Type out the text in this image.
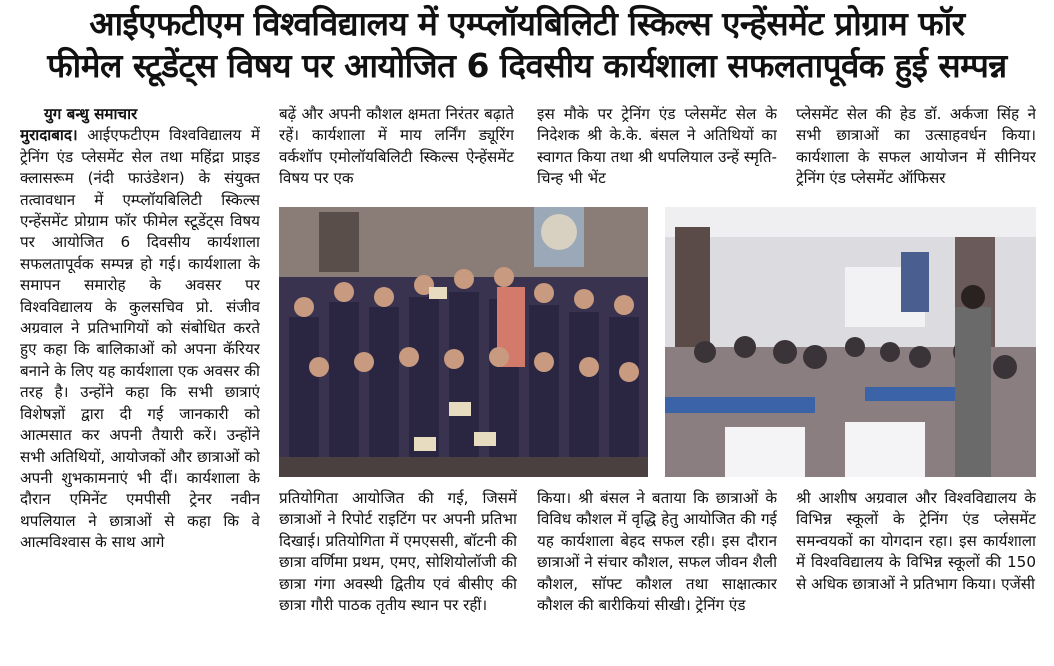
आईएफटीएम विश्वविद्यालय में एम्प्लॉयबिलिटी स्किल्स एन्हेंसमेंट प्रोग्राम फॉर
फीमेल स्टूडेंट्स विषय पर आयोजित 6 दिवसीय कार्यशाला सफलतापूर्वक हुई सम्पन्न

युग बन्धु समाचार

मुरादाबाद। आईएफटीएम विश्वविद्यालय में ट्रेनिंग एंड प्लेसमेंट सेल तथा महिंद्रा प्राइड क्लासरूम (नंदी फाउंडेशन) के संयुक्त तत्वावधान में एम्प्लॉयबिलिटी स्किल्स एन्हेंसमेंट प्रोग्राम फॉर फीमेल स्टूडेंट्स विषय पर आयोजित 6 दिवसीय कार्यशाला सफलतापूर्वक सम्पन्न हो गई। कार्यशाला के समापन समारोह के अवसर पर विश्वविद्यालय के कुलसचिव प्रो. संजीव अग्रवाल ने प्रतिभागियों को संबोधित करते हुए कहा कि बालिकाओं को अपना कॅरियर बनाने के लिए यह कार्यशाला एक अवसर की तरह है। उन्होंने कहा कि सभी छात्राएं विशेषज्ञों द्वारा दी गई जानकारी को आत्मसात कर अपनी तैयारी करें। उन्होंने सभी अतिथियों, आयोजकों और छात्राओं को अपनी शुभकामनाएं भी दीं। कार्यशाला के दौरान एमिनेंट एमपीसी ट्रेनर नवीन थपलियाल ने छात्राओं से कहा कि वे आत्मविश्वास के साथ आगे

बढ़ें और अपनी कौशल क्षमता निरंतर बढ़ाते रहें। कार्यशाला में माय लर्निंग ड्यूरिंग वर्कशॉप एमोलॉयबिलिटी स्किल्स ऐन्हेंसमेंट विषय पर एक

इस मौके पर ट्रेनिंग एंड प्लेसमेंट सेल के निदेशक श्री के.के. बंसल ने अतिथियों का स्वागत किया तथा श्री थपलियाल उन्हें स्मृति-चिन्ह भी भेंट

प्लेसमेंट सेल की हेड डॉ. अर्कजा सिंह ने सभी छात्राओं का उत्साहवर्धन किया। कार्यशाला के सफल आयोजन में सीनियर ट्रेनिंग एंड प्लेसमेंट ऑफिसर

प्रतियोगिता आयोजित की गई, जिसमें छात्राओं ने रिपोर्ट राइटिंग पर अपनी प्रतिभा दिखाई। प्रतियोगिता में एमएससी, बॉटनी की छात्रा वर्णिमा प्रथम, एमए, सोशियोलॉजी की छात्रा गंगा अवस्थी द्वितीय एवं बीसीए की छात्रा गौरी पाठक तृतीय स्थान पर रहीं।

किया। श्री बंसल ने बताया कि छात्राओं के विविध कौशल में वृद्धि हेतु आयोजित की गई यह कार्यशाला बेहद सफल रही। इस दौरान छात्राओं ने संचार कौशल, सफल जीवन शैली कौशल, सॉफ्ट कौशल तथा साक्षात्कार कौशल की बारीकियां सीखी। ट्रेनिंग एंड

श्री आशीष अग्रवाल और विश्वविद्यालय के विभिन्न स्कूलों के ट्रेनिंग एंड प्लेसमेंट समन्वयकों का योगदान रहा। इस कार्यशाला में विश्वविद्यालय के विभिन्न स्कूलों की 150 से अधिक छात्राओं ने प्रतिभाग किया। एजेंसी
